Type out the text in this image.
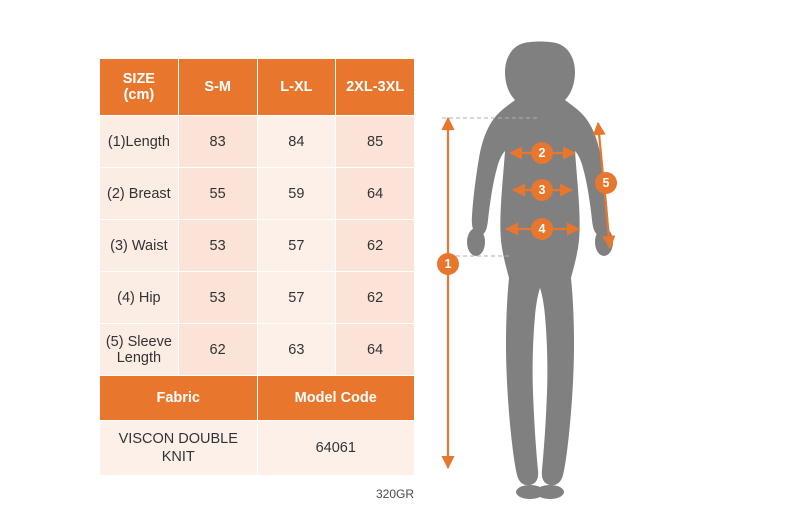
SIZE
(cm)	S-M	L-XL	2XL-3XL
(1)Length	83	84	85
(2) Breast	55	59	64
(3) Waist	53	57	62
(4) Hip	53	57	62

(5) Sleeve
Length	62	63	64
Fabric		Model Code	

VISCON DOUBLE
KNIT		64061	
320GR
1
2
3
4
5
